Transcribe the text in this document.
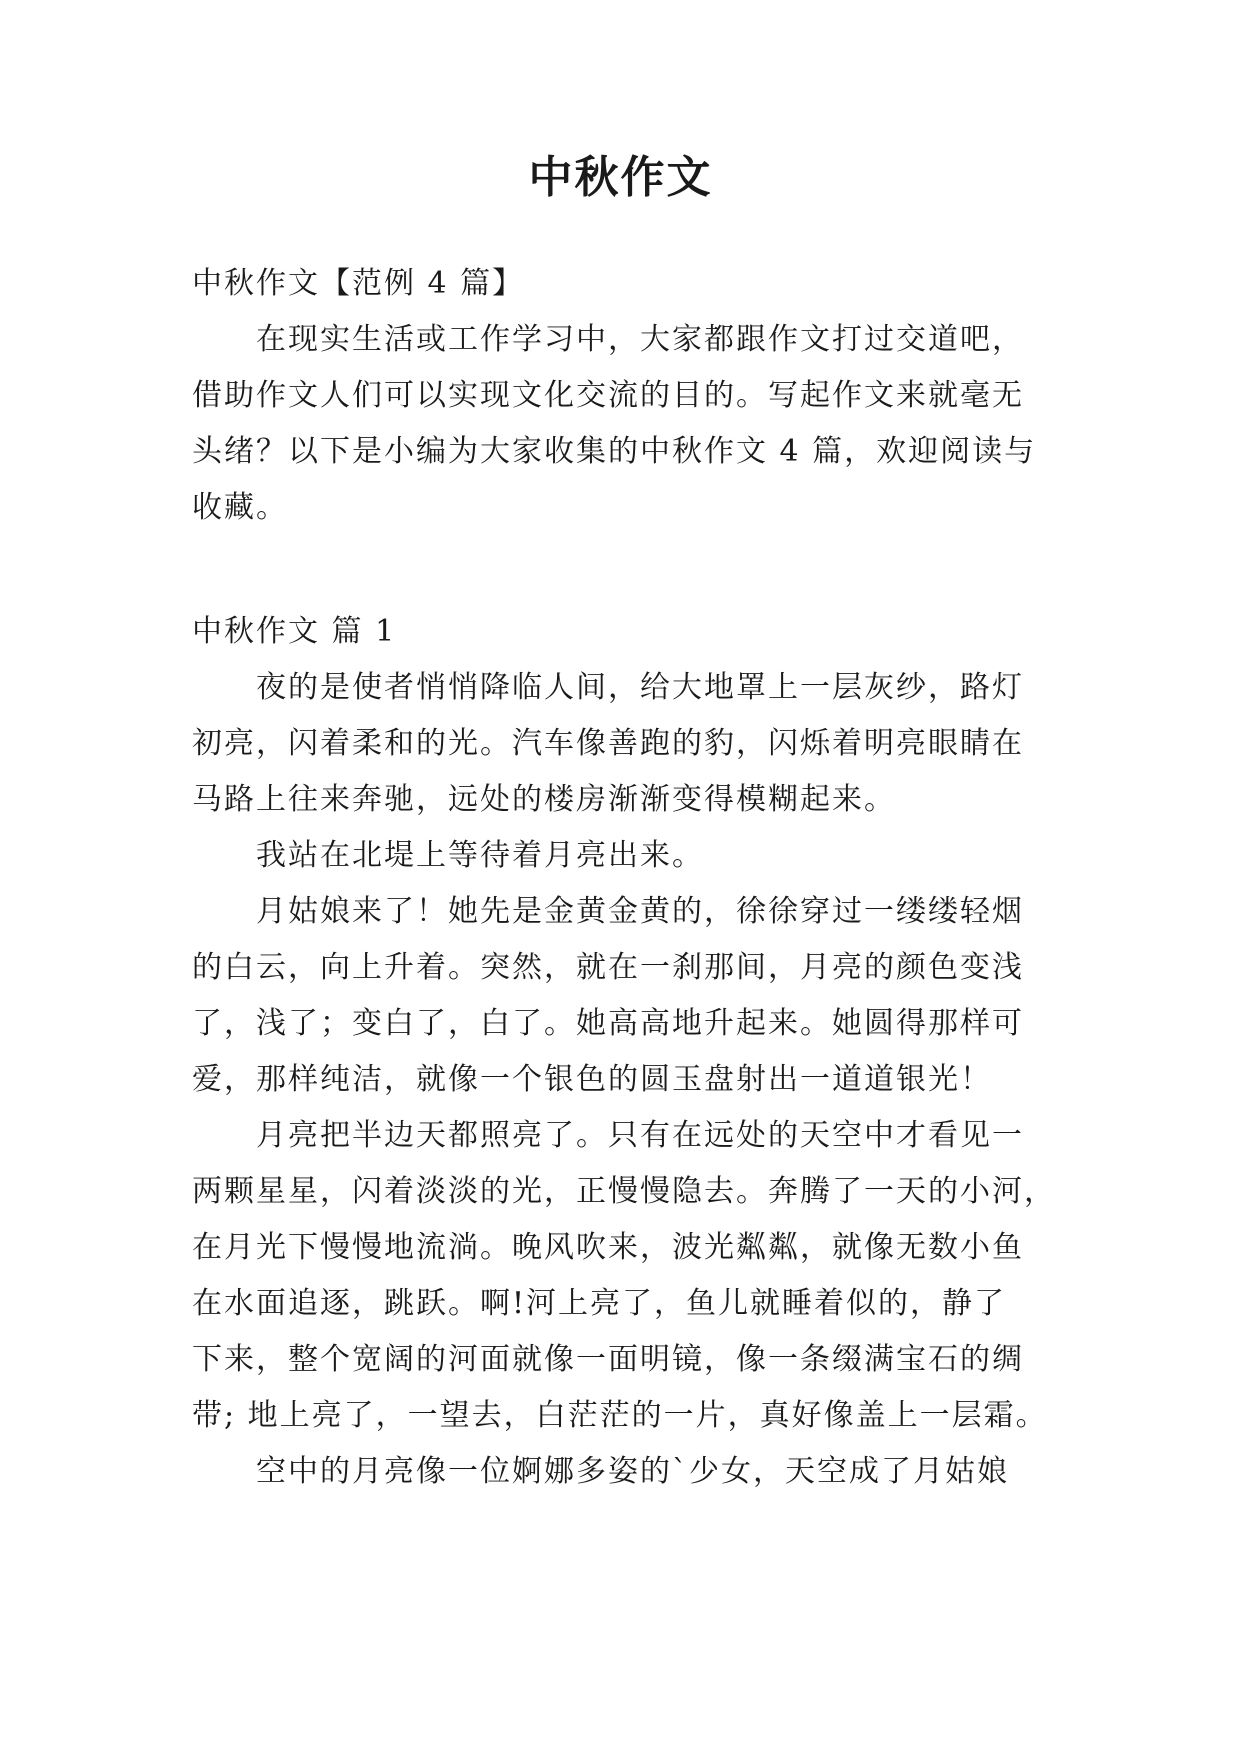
中秋作文

中秋作文【范例 4 篇】

在现实生活或工作学习中，大家都跟作文打过交道吧，

借助作文人们可以实现文化交流的目的。写起作文来就毫无

头绪？以下是小编为大家收集的中秋作文 4 篇，欢迎阅读与

收藏。

中秋作文 篇 1

夜的是使者悄悄降临人间，给大地罩上一层灰纱，路灯

初亮，闪着柔和的光。汽车像善跑的豹，闪烁着明亮眼睛在

马路上往来奔驰，远处的楼房渐渐变得模糊起来。

我站在北堤上等待着月亮出来。

月姑娘来了！她先是金黄金黄的，徐徐穿过一缕缕轻烟

的白云，向上升着。突然，就在一刹那间，月亮的颜色变浅

了，浅了；变白了，白了。她高高地升起来。她圆得那样可

爱，那样纯洁，就像一个银色的圆玉盘射出一道道银光！

月亮把半边天都照亮了。只有在远处的天空中才看见一

两颗星星，闪着淡淡的光，正慢慢隐去。奔腾了一天的小河，

在月光下慢慢地流淌。晚风吹来，波光粼粼，就像无数小鱼

在水面追逐，跳跃。啊!河上亮了，鱼儿就睡着似的，静了

下来，整个宽阔的河面就像一面明镜，像一条缀满宝石的绸

带; 地上亮了，一望去，白茫茫的一片，真好像盖上一层霜。

空中的月亮像一位婀娜多姿的`少女，天空成了月姑娘
